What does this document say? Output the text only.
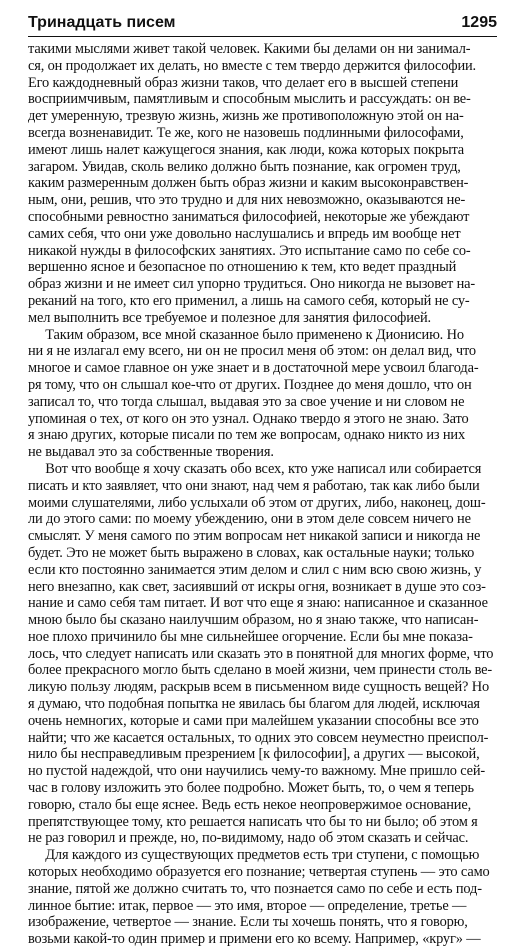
Тринадцать писем	1295
такими мыслями живет такой человек. Какими бы делами он ни занимал-
ся, он продолжает их делать, но вместе с тем твердо держится философии.
Его каждодневный образ жизни таков, что делает его в высшей степени
восприимчивым, памятливым и способным мыслить и рассуждать: он ве-
дет умеренную, трезвую жизнь, жизнь же противоположную этой он на-
всегда возненавидит. Те же, кого не назовешь подлинными философами,
имеют лишь налет кажущегося знания, как люди, кожа которых покрыта
загаром. Увидав, сколь велико должно быть познание, как огромен труд,
каким размеренным должен быть образ жизни и каким высоконравствен-
ным, они, решив, что это трудно и для них невозможно, оказываются не-
способными ревностно заниматься философией, некоторые же убеждают
самих себя, что они уже довольно наслушались и впредь им вообще нет
никакой нужды в философских занятиях. Это испытание само по себе со-
вершенно ясное и безопасное по отношению к тем, кто ведет праздный
образ жизни и не имеет сил упорно трудиться. Оно никогда не вызовет на-
реканий на того, кто его применил, а лишь на самого себя, который не су-
мел выполнить все требуемое и полезное для занятия философией.
Таким образом, все мной сказанное было применено к Дионисию. Но
ни я не излагал ему всего, ни он не просил меня об этом: он делал вид, что
многое и самое главное он уже знает и в достаточной мере усвоил благода-
ря тому, что он слышал кое-что от других. Позднее до меня дошло, что он
записал то, что тогда слышал, выдавая это за свое учение и ни словом не
упоминая о тех, от кого он это узнал. Однако твердо я этого не знаю. Зато
я знаю других, которые писали по тем же вопросам, однако никто из них
не выдавал это за собственные творения.
Вот что вообще я хочу сказать обо всех, кто уже написал или собирается
писать и кто заявляет, что они знают, над чем я работаю, так как либо были
моими слушателями, либо услыхали об этом от других, либо, наконец, дош-
ли до этого сами: по моему убеждению, они в этом деле совсем ничего не
смыслят. У меня самого по этим вопросам нет никакой записи и никогда не
будет. Это не может быть выражено в словах, как остальные науки; только
если кто постоянно занимается этим делом и слил с ним всю свою жизнь, у
него внезапно, как свет, засиявший от искры огня, возникает в душе это соз-
нание и само себя там питает. И вот что еще я знаю: написанное и сказанное
мною было бы сказано наилучшим образом, но я знаю также, что написан-
ное плохо причинило бы мне сильнейшее огорчение. Если бы мне показа-
лось, что следует написать или сказать это в понятной для многих форме, что
более прекрасного могло быть сделано в моей жизни, чем принести столь ве-
ликую пользу людям, раскрыв всем в письменном виде сущность вещей? Но
я думаю, что подобная попытка не явилась бы благом для людей, исключая
очень немногих, которые и сами при малейшем указании способны все это
найти; что же касается остальных, то одних это совсем неуместно преиспол-
нило бы несправедливым презрением [к философии], а других — высокой,
но пустой надеждой, что они научились чему-то важному. Мне пришло сей-
час в голову изложить это более подробно. Может быть, то, о чем я теперь
говорю, стало бы еще яснее. Ведь есть некое неопровержимое основание,
препятствующее тому, кто решается написать что бы то ни было; об этом я
не раз говорил и прежде, но, по-видимому, надо об этом сказать и сейчас.
Для каждого из существующих предметов есть три ступени, с помощью
которых необходимо образуется его познание; четвертая ступень — это само
знание, пятой же должно считать то, что познается само по себе и есть под-
линное бытие: итак, первое — это имя, второе — определение, третье —
изображение, четвертое — знание. Если ты хочешь понять, что я говорю,
возьми какой-то один пример и примени его ко всему. Например, «круг» —
